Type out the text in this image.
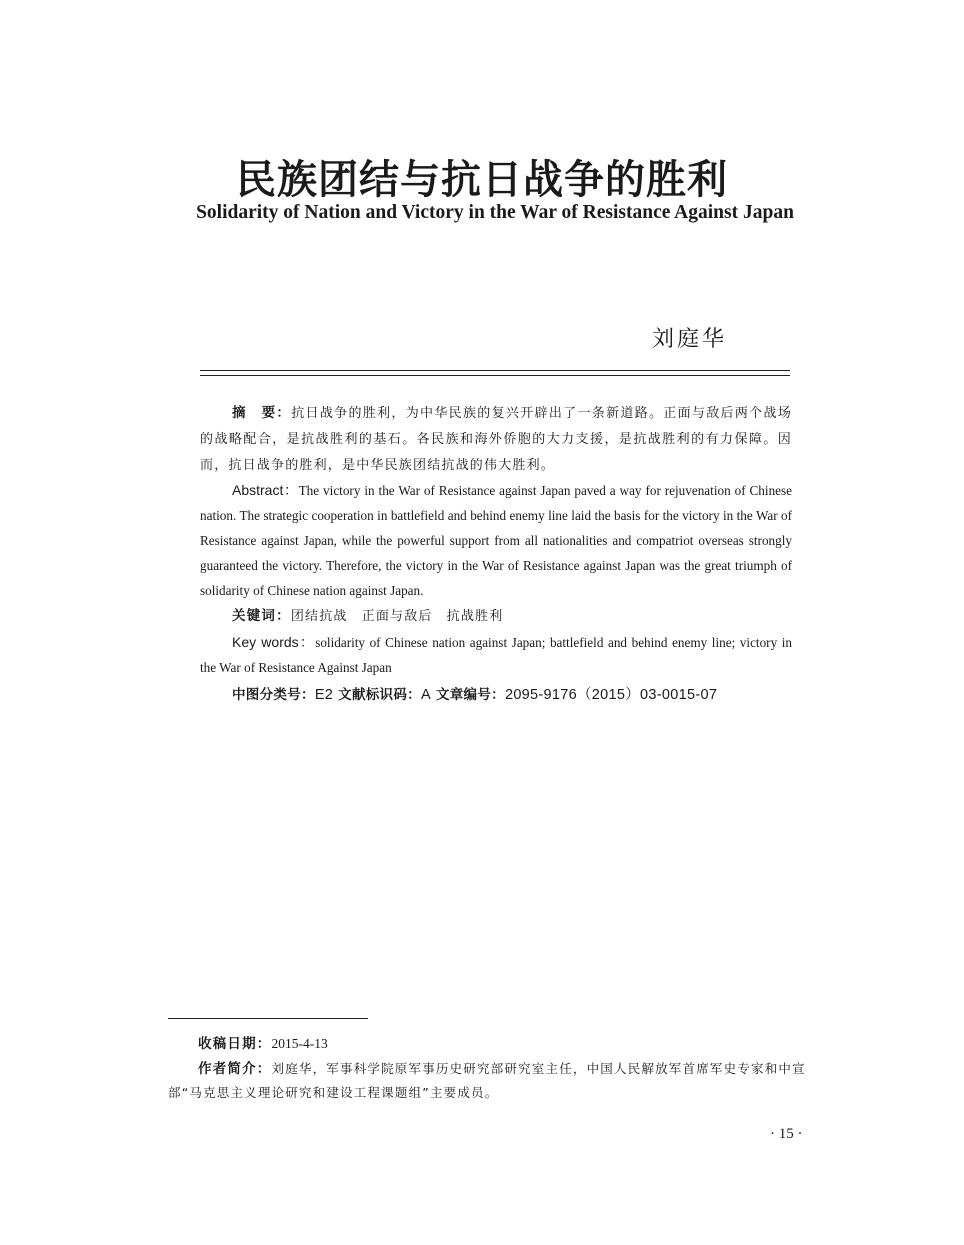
民族团结与抗日战争的胜利
Solidarity of Nation and Victory in the War of Resistance Against Japan
刘庭华
摘　要：抗日战争的胜利，为中华民族的复兴开辟出了一条新道路。正面与敌后两个战场的战略配合，是抗战胜利的基石。各民族和海外侨胞的大力支援，是抗战胜利的有力保障。因而，抗日战争的胜利，是中华民族团结抗战的伟大胜利。
Abstract：The victory in the War of Resistance against Japan paved a way for rejuvenation of Chinese nation. The strategic cooperation in battlefield and behind enemy line laid the basis for the victory in the War of Resistance against Japan, while the powerful support from all nationalities and compatriot overseas strongly guaranteed the victory. Therefore, the victory in the War of Resistance against Japan was the great triumph of solidarity of Chinese nation against Japan.
关键词：团结抗战 正面与敌后 抗战胜利
Key words：solidarity of Chinese nation against Japan; battlefield and behind enemy line; victory in the War of Resistance Against Japan
中图分类号：E2 文献标识码：A 文章编号：2095-9176（2015）03-0015-07
收稿日期：2015-4-13
作者简介：刘庭华，军事科学院原军事历史研究部研究室主任，中国人民解放军首席军史专家和中宣部“马克思主义理论研究和建设工程课题组”主要成员。
· 15 ·
